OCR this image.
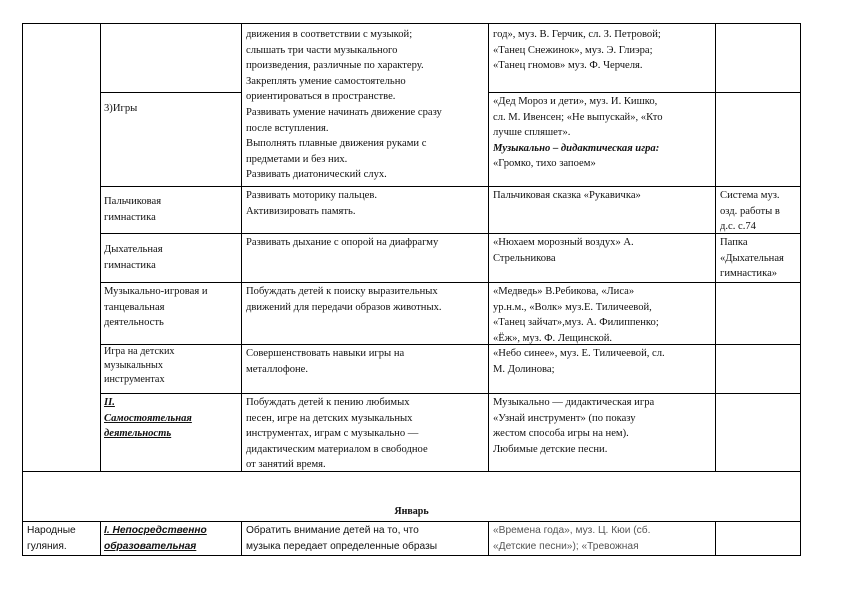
3)Игры

движения в соответствии с музыкой;

слышать три части музыкального

произведения, различные по характеру.

Закреплять умение самостоятельно

ориентироваться в пространстве.

Развивать умение начинать движение сразу

после вступления.

Выполнять плавные движения руками с

предметами и без них.

Развивать диатонический слух.

год», муз. В. Герчик, сл. З. Петровой;

«Танец Снежинок», муз. Э. Глиэра;

«Танец гномов» муз. Ф. Черчеля.

«Дед Мороз и дети», муз. И. Кишко,

сл. М. Ивенсен; «Не выпускай», «Кто

лучше спляшет».

Музыкально – дидактическая игра:

«Громко, тихо запоем»

Пальчиковая

гимнастика

Развивать моторику пальцев.

Активизировать память.

Пальчиковая сказка «Рукавичка»	Система муз.

озд. работы в

д.с. с.74

Дыхательная

гимнастика

Развивать дыхание с опорой на диафрагму	«Нюхаем морозный воздух» А.

Стрельникова

Папка

«Дыхательная

гимнастика»

Музыкально-игровая и

танцевальная

деятельность

Побуждать детей к поиску выразительных

движений для передачи образов животных.

«Медведь» В.Ребикова, «Лиса»

ур.н.м., «Волк» муз.Е. Тиличеевой,

«Танец зайчат»,муз. А. Филиппенко;

«Ёж», муз. Ф. Лещинской.

Игра на детских

музыкальных

инструментах

Совершенствовать навыки игры на

металлофоне.

«Небо синее», муз. Е. Тиличеевой, сл.

М. Долинова;

II.

Самостоятельная

деятельность

Побуждать детей к пению любимых

песен, игре на детских музыкальных

инструментах, играм с музыкально —

дидактическим материалом в свободное

от занятий время.

Музыкально — дидактическая игра

«Узнай инструмент» (по показу

жестом способа игры на нем).

Любимые детские песни.

Январь

Народные

гуляния.

I. Непосредственно

образовательная

Обратить внимание детей на то, что

музыка передает определенные образы

«Времена года», муз. Ц. Кюи (сб.

«Детские песни»); «Тревожная
